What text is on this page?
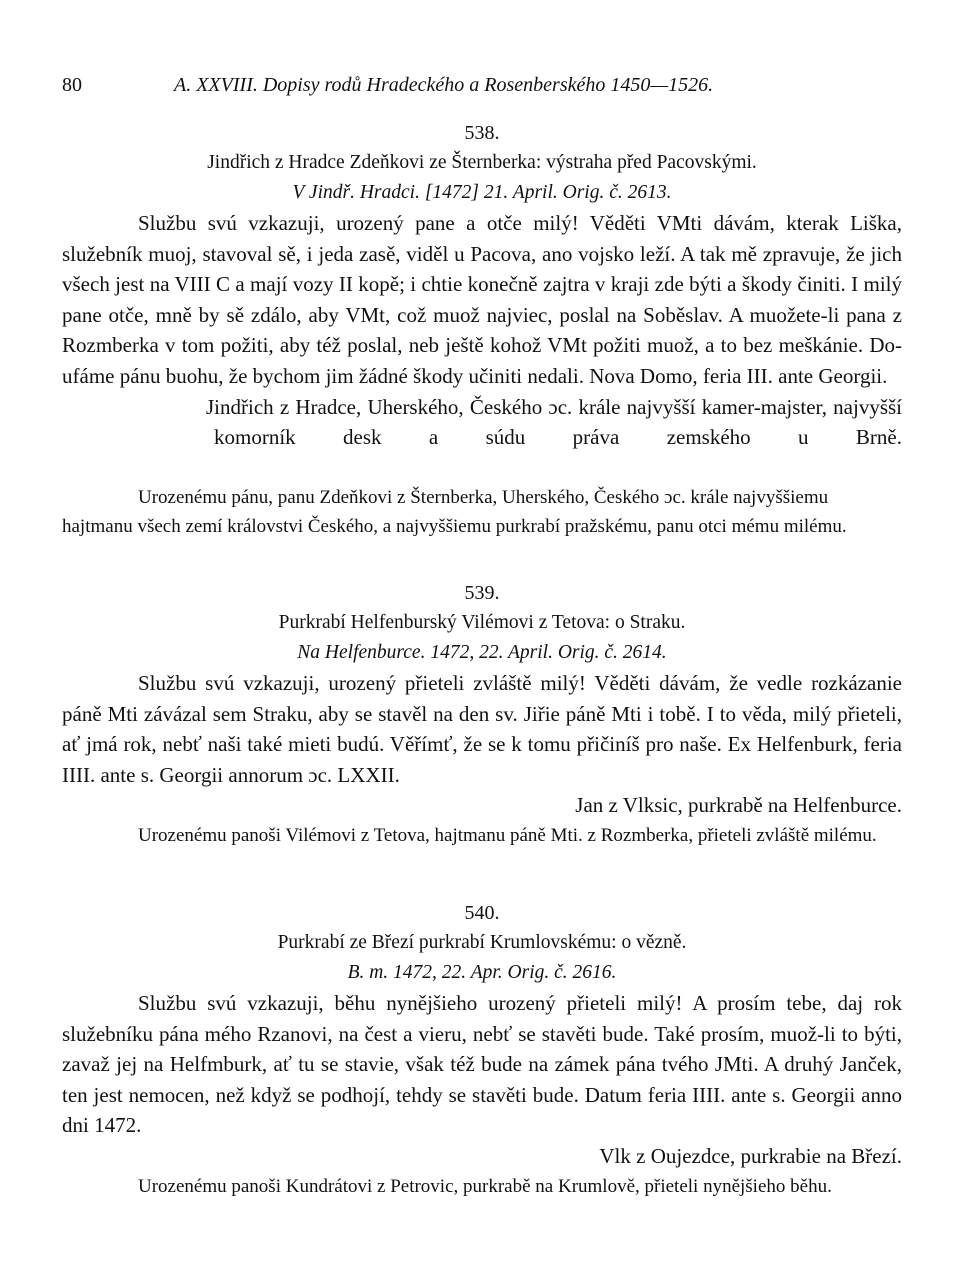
80	A. XXVIII. Dopisy rodů Hradeckého a Rosenberského 1450—1526.
538.
Jindřich z Hradce Zdeňkovi ze Šternberka: výstraha před Pacovskými.
V Jindř. Hradci. [1472] 21. April. Orig. č. 2613.

Službu svú vzkazuji, urozený pane a otče milý! Věděti VMti dávám, kterak Liška, služebník muoj, stavoval sě, i jeda zasě, viděl u Pacova, ano vojsko leží. A tak mě zpravuje, že jich všech jest na VIII C a mají vozy II kopě; i chtie konečně zajtra v kraji zde býti a škody činiti. I milý pane otče, mně by sě zdálo, aby VMt, což muož najviec, poslal na Soběslav. A muožete-li pana z Rozmberka v tom požiti, aby též poslal, neb ještě kohož VMt požiti muož, a to bez meškánie. Do-ufáme pánu buohu, že bychom jim žádné škody učiniti nedali. Nova Domo, feria III. ante Georgii.

Jindřich z Hradce, Uherského, Českého ɔc. krále najvyšší kamer-majster, najvyšší komorník desk a súdu práva zemského u Brně.

Urozenému pánu, panu Zdeňkovi z Šternberka, Uherského, Českého ɔc. krále najvyššiemu hajtmanu všech zemí královstvi Českého, a najvyššiemu purkrabí pražskému, panu otci mému milému.

539.
Purkrabí Helfenburský Vilémovi z Tetova: o Straku.
Na Helfenburce. 1472, 22. April. Orig. č. 2614.

Službu svú vzkazuji, urozený přieteli zvláště milý! Věděti dávám, že vedle rozkázanie páně Mti závázal sem Straku, aby se stavěl na den sv. Jiřie páně Mti i tobě. I to věda, milý přieteli, ať jmá rok, nebť naši také mieti budú. Věřímť, že se k tomu přičiníš pro naše. Ex Helfenburk, feria IIII. ante s. Georgii annorum ɔc. LXXII.

Jan z Vlksic, purkrabě na Helfenburce.

Urozenému panoši Vilémovi z Tetova, hajtmanu páně Mti. z Rozmberka, přieteli zvláště milému.

540.
Purkrabí ze Březí purkrabí Krumlovskému: o vězně.
B. m. 1472, 22. Apr. Orig. č. 2616.

Službu svú vzkazuji, běhu nynějšieho urozený přieteli milý! A prosím tebe, daj rok služebníku pána mého Rzanovi, na čest a vieru, nebť se stavěti bude. Také prosím, muož-li to býti, zavaž jej na Helfmburk, ať tu se stavie, však též bude na zámek pána tvého JMti. A druhý Janček, ten jest nemocen, než když se podhojí, tehdy se stavěti bude. Datum feria IIII. ante s. Georgii anno dni 1472.

Vlk z Oujezdce, purkrabie na Březí.

Urozenému panoši Kundrátovi z Petrovic, purkrabě na Krumlově, přieteli nynějšieho běhu.
